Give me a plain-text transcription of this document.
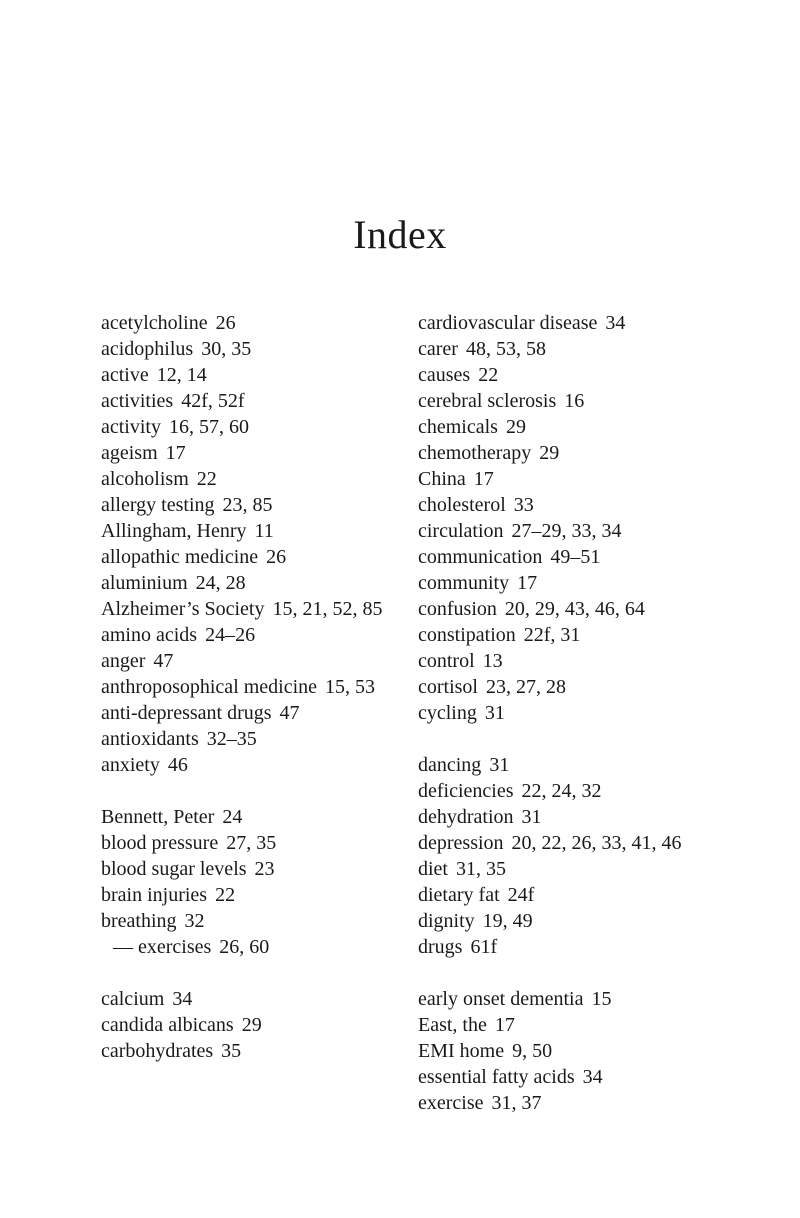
Index
acetylcholine 26
acidophilus 30, 35
active 12, 14
activities 42f, 52f
activity 16, 57, 60
ageism 17
alcoholism 22
allergy testing 23, 85
Allingham, Henry 11
allopathic medicine 26
aluminium 24, 28
Alzheimer’s Society 15, 21, 52, 85
amino acids 24–26
anger 47
anthroposophical medicine 15, 53
anti-depressant drugs 47
antioxidants 32–35
anxiety 46
Bennett, Peter 24
blood pressure 27, 35
blood sugar levels 23
brain injuries 22
breathing 32
— exercises 26, 60
calcium 34
candida albicans 29
carbohydrates 35
cardiovascular disease 34
carer 48, 53, 58
causes 22
cerebral sclerosis 16
chemicals 29
chemotherapy 29
China 17
cholesterol 33
circulation 27–29, 33, 34
communication 49–51
community 17
confusion 20, 29, 43, 46, 64
constipation 22f, 31
control 13
cortisol 23, 27, 28
cycling 31
dancing 31
deficiencies 22, 24, 32
dehydration 31
depression 20, 22, 26, 33, 41, 46
diet 31, 35
dietary fat 24f
dignity 19, 49
drugs 61f
early onset dementia 15
East, the 17
EMI home 9, 50
essential fatty acids 34
exercise 31, 37
